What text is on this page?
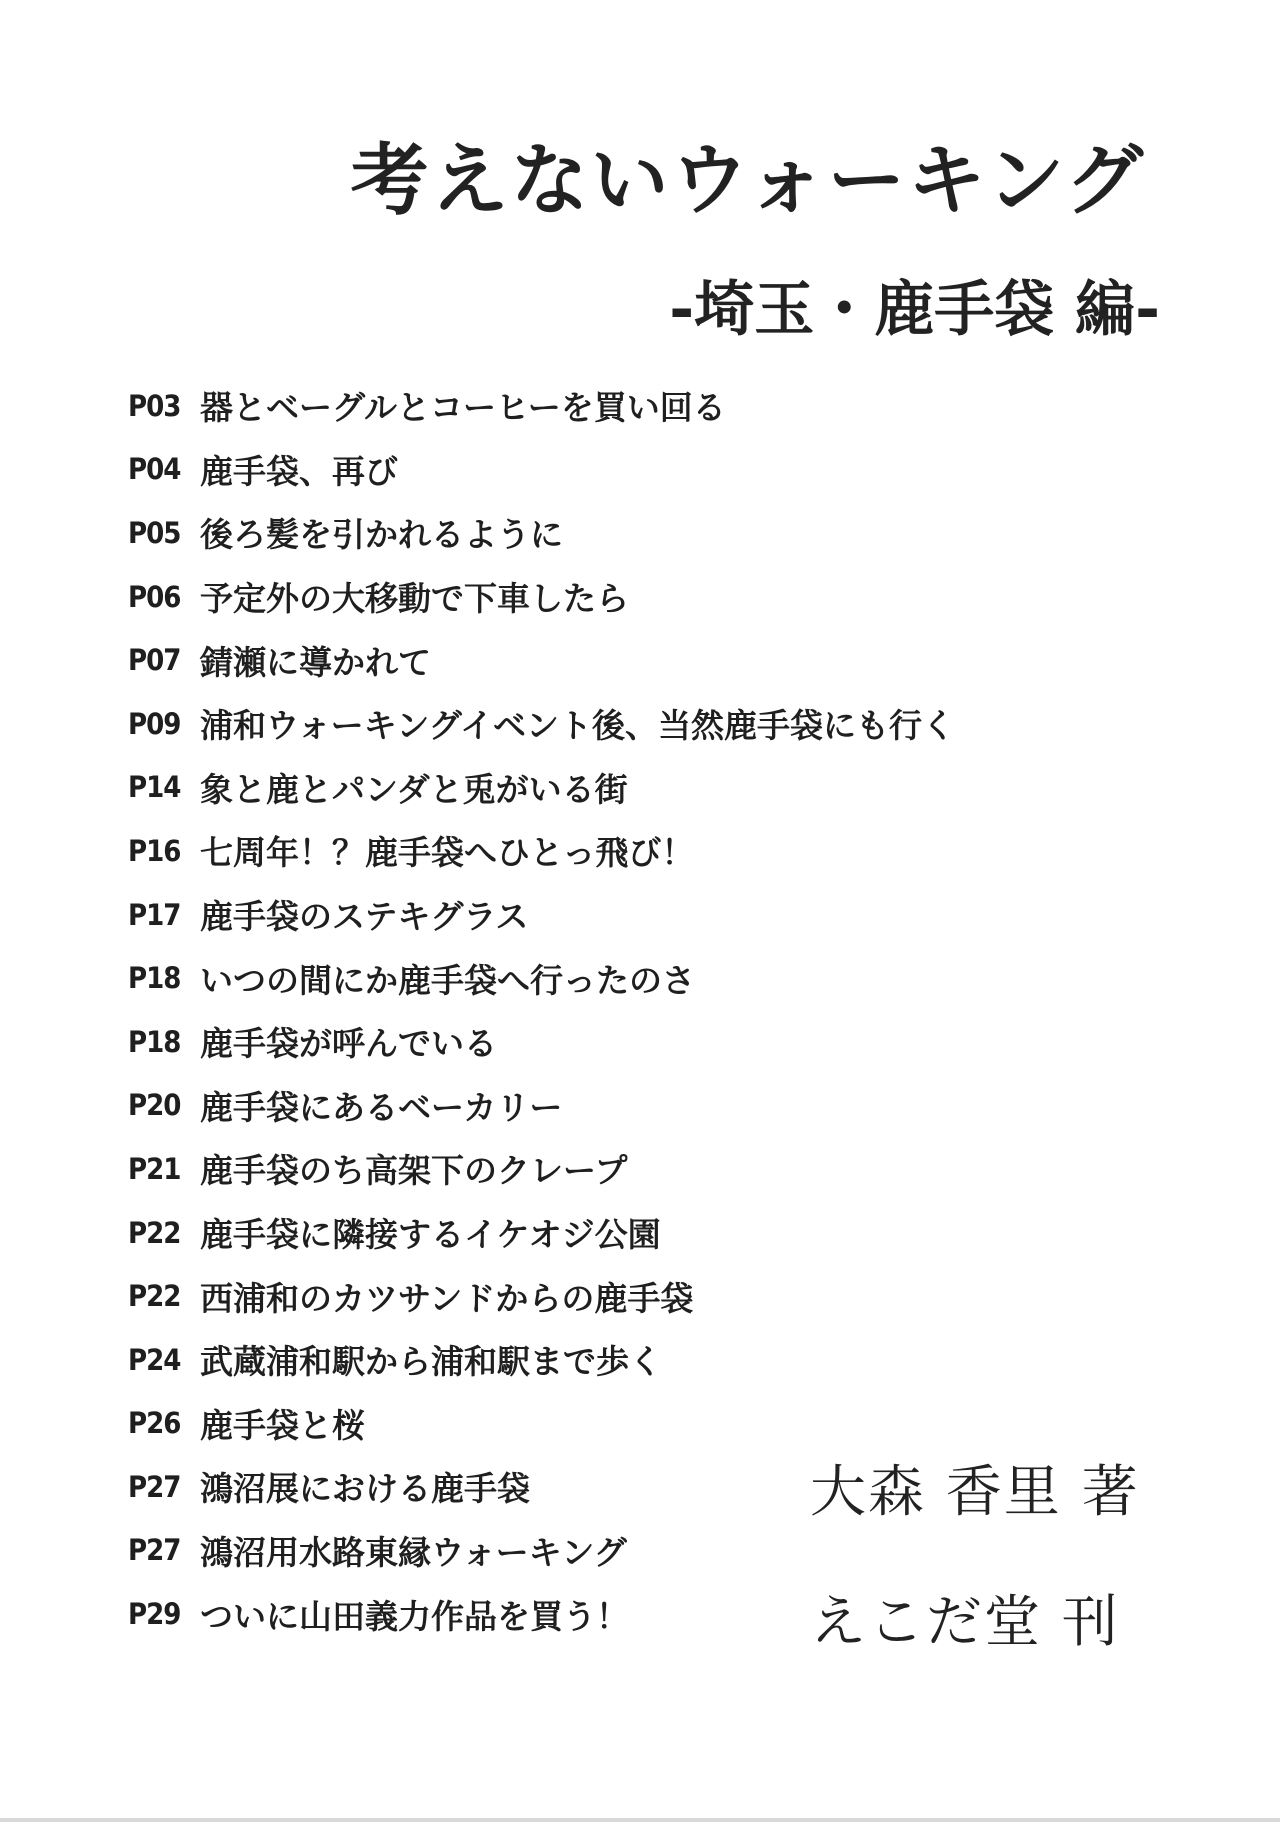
考えないウォーキング
-埼玉・鹿手袋 編-
P03 器とベーグルとコーヒーを買い回る
P04 鹿手袋、再び
P05 後ろ髪を引かれるように
P06 予定外の大移動で下車したら
P07 錆瀬に導かれて
P09 浦和ウォーキングイベント後、当然鹿手袋にも行く
P14 象と鹿とパンダと兎がいる街
P16 七周年！？鹿手袋へひとっ飛び！
P17 鹿手袋のステキグラス
P18 いつの間にか鹿手袋へ行ったのさ
P18 鹿手袋が呼んでいる
P20 鹿手袋にあるベーカリー
P21 鹿手袋のち高架下のクレープ
P22 鹿手袋に隣接するイケオジ公園
P22 西浦和のカツサンドからの鹿手袋
P24 武蔵浦和駅から浦和駅まで歩く
P26 鹿手袋と桜
P27 鴻沼展における鹿手袋
P27 鴻沼用水路東縁ウォーキング
P29 ついに山田義力作品を買う！
大森 香里 著
えこだ堂 刊
